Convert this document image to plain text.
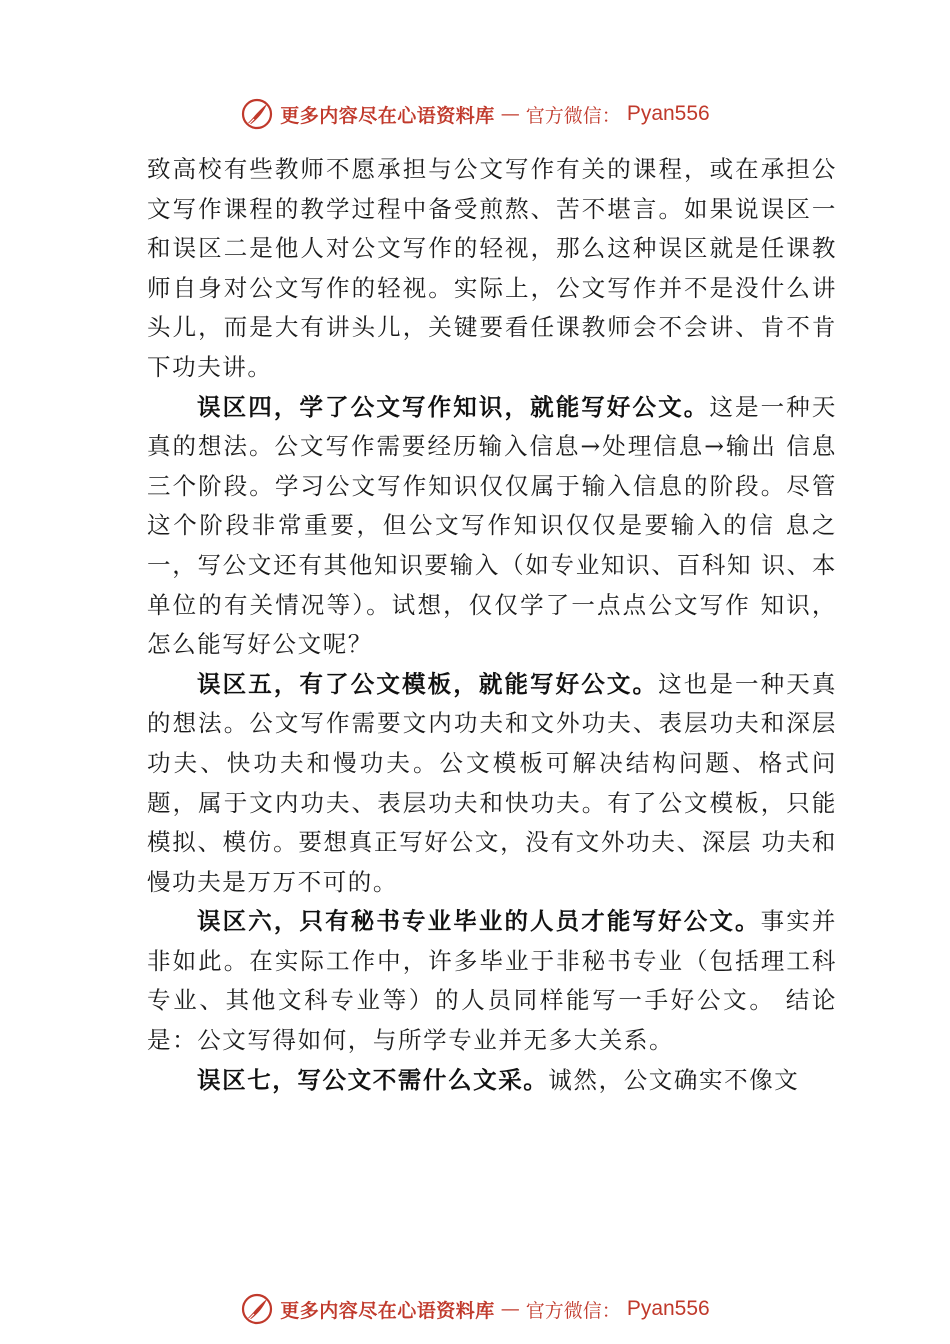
更多内容尽在心语资料库 — 官方微信： Pyan556

致高校有些教师不愿承担与公文写作有关的课程，或在承担公文写作课程的教学过程中备受煎熬、苦不堪言。如果说误区一和误区二是他人对公文写作的轻视，那么这种误区就是任课教师自身对公文写作的轻视。实际上，公文写作并不是没什么讲头儿，而是大有讲头儿，关键要看任课教师会不会讲、肯不肯下功夫讲。

误区四，学了公文写作知识，就能写好公文。这是一种天真的想法。公文写作需要经历输入信息→处理信息→输出 信息三个阶段。学习公文写作知识仅仅属于输入信息的阶段。尽管这个阶段非常重要，但公文写作知识仅仅是要输入的信 息之一，写公文还有其他知识要输入（如专业知识、百科知 识、本单位的有关情况等）。试想，仅仅学了一点点公文写作 知识，怎么能写好公文呢？

误区五，有了公文模板，就能写好公文。这也是一种天真的想法。公文写作需要文内功夫和文外功夫、表层功夫和深层功夫、快功夫和慢功夫。公文模板可解决结构问题、格式问题，属于文内功夫、表层功夫和快功夫。有了公文模板，只能模拟、模仿。要想真正写好公文，没有文外功夫、深层 功夫和慢功夫是万万不可的。

误区六，只有秘书专业毕业的人员才能写好公文。事实并非如此。在实际工作中，许多毕业于非秘书专业（包括理工科专业、其他文科专业等）的人员同样能写一手好公文。 结论是：公文写得如何，与所学专业并无多大关系。

误区七，写公文不需什么文采。诚然，公文确实不像文

更多内容尽在心语资料库 — 官方微信： Pyan556
